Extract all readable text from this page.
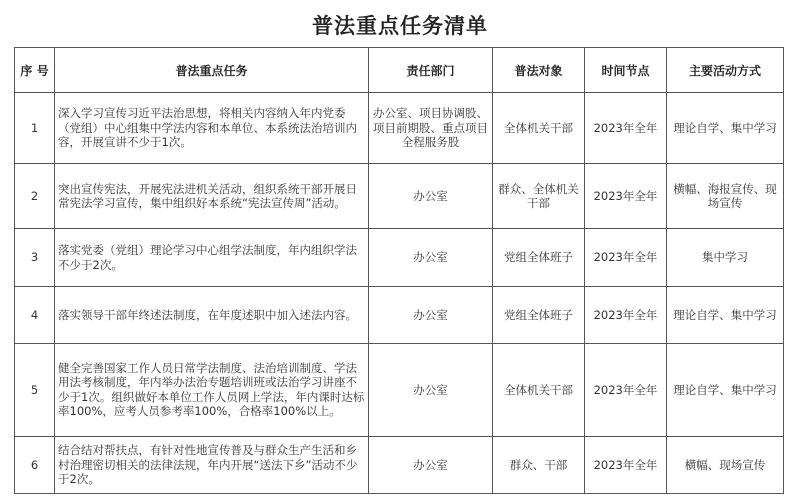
普法重点任务清单
序 号	普法重点任务	责任部门	普法对象	时间节点	主要活动方式
1	深入学习宣传习近平法治思想，将相关内容纳入年内党委（党组）中心组集中学法内容和本单位、本系统法治培训内容，开展宣讲不少于1次。	办公室、项目协调股、项目前期股、重点项目全程服务股	全体机关干部	2023年全年	理论自学、集中学习
2	突出宣传宪法，开展宪法进机关活动，组织系统干部开展日常宪法学习宣传，集中组织好本系统“宪法宣传周”活动。	办公室	群众、全体机关干部	2023年全年	横幅、海报宣传、现场宣传
3	落实党委（党组）理论学习中心组学法制度，年内组织学法不少于2次。	办公室	党组全体班子	2023年全年	集中学习
4	落实领导干部年终述法制度，在年度述职中加入述法内容。	办公室	党组全体班子	2023年全年	理论自学、集中学习
5	健全完善国家工作人员日常学法制度、法治培训制度、学法用法考核制度，年内举办法治专题培训班或法治学习讲座不少于1次。组织做好本单位工作人员网上学法，年内课时达标率100%，应考人员参考率100%，合格率100%以上。	办公室	全体机关干部	2023年全年	理论自学、集中学习
6	结合结对帮扶点，有针对性地宣传普及与群众生产生活和乡村治理密切相关的法律法规，年内开展“送法下乡”活动不少于2次。	办公室	群众、干部	2023年全年	横幅、现场宣传
